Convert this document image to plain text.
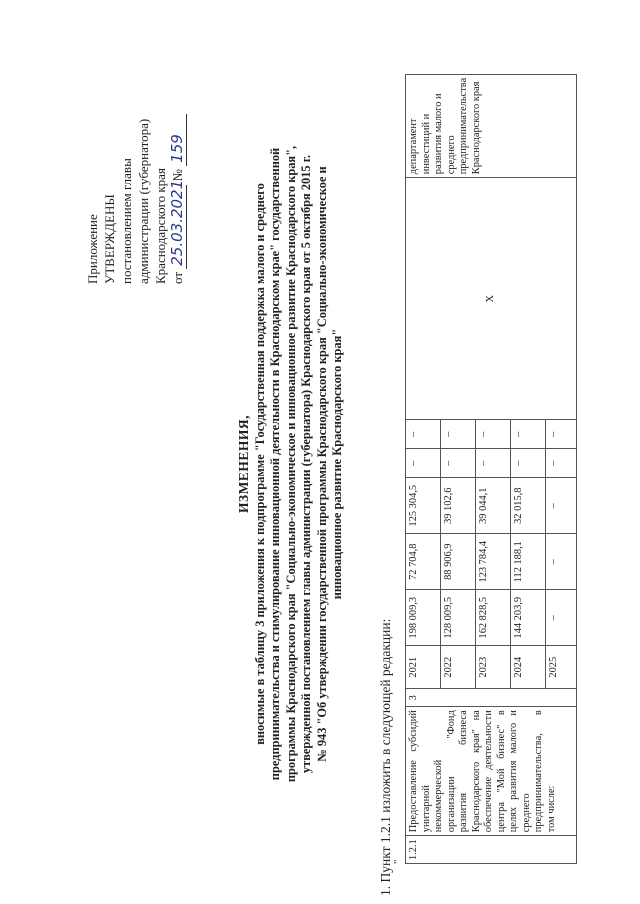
Приложение УТВЕРЖДЕНЫ постановлением главы администрации (губернатора) Краснодарского края от 25.03.2021 № 159
ИЗМЕНЕНИЯ, вносимые в таблицу 3 приложения к подпрограмме "Государственная поддержка малого и среднего предпринимательства и стимулирование инновационной деятельности в Краснодарском крае" государственной программы Краснодарского края "Социально-экономическое и инновационное развитие Краснодарского края", утвержденной постановлением главы администрации (губернатора) Краснодарского края от 5 октября 2015 г. № 943 "Об утверждении государственной программы Краснодарского края "Социально-экономическое и инновационное развитие Краснодарского края"
1. Пункт 1.2.1 изложить в следующей редакции: "
1.2.1	Предоставление субсидий унитарной некоммерческой организации "Фонд развития бизнеса Краснодарского края" на обеспечение деятельности центра "Мой бизнес" в целях развития малого и среднего предпринимательства, в том числе:	3	2021	198 009,3	72 704,8	125 304,5	–	–	Х	департамент инвестиций и развития малого и среднего предпринимательства Краснодарского края
			2022	128 009,5	88 906,9	39 102,6	–	–		
			2023	162 828,5	123 784,4	39 044,1	–	–		
			2024	144 203,9	112 188,1	32 015,8	–	–		
			2025	–	–	–	–	–		
